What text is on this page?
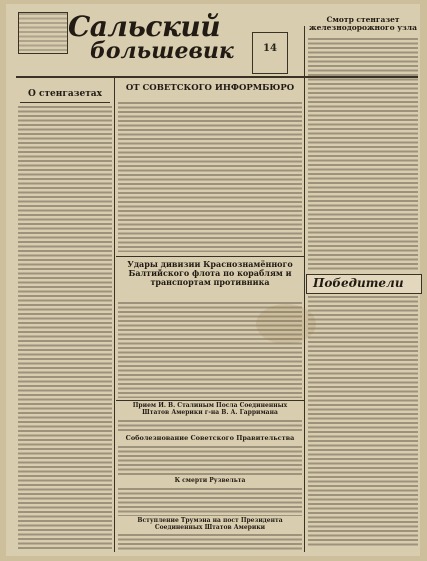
Сальский
большевик	14
О стенгазетах
ОТ СОВЕТСКОГО ИНФОРМБЮРО
Удары дивизии Краснознамённого Балтийского флота по кораблям и транспортам противника
Прием И. В. Сталиным Посла Соединенных Штатов Америки г-на В. А. Гарримана
Соболезнование Советского Правительства
К смерти Рузвельта
Вступление Трумэна на пост Президента Соединенных Штатов Америки
Смотр стенгазет железнодорожного узла
Победители
